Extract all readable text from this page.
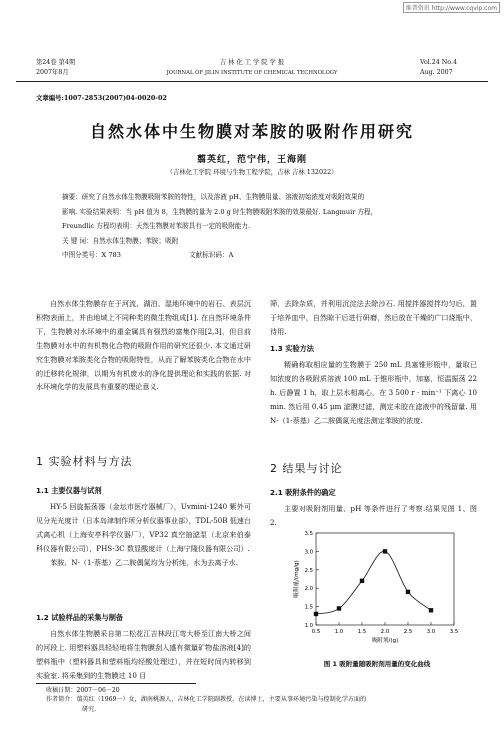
维普资讯 http://www.cqvip.com
第24卷 第4期
2007年8月
吉 林 化 工 学 院 学 报
JOURNAL OF JILIN INSTITUTE OF CHEMICAL TECHNOLOGY
Vol.24 No.4
Aug. 2007
文章编号:1007-2853(2007)04-0020-02
自然水体中生物膜对苯胺的吸附作用研究
翦英红，范宁伟，王海刚
（吉林化工学院 环境与生物工程学院，吉林 吉林 132022）
摘要：研究了自然水体生物膜吸附苯胺的特性，以及溶液 pH、生物膜用量、溶液初始浓度对吸附效果的
影响. 实验结果表明：当 pH 值为 8，生物膜的量为 2.0 g 时生物膜吸附苯胺的效果最好. Langmuir 方程，
Freundlic 方程均表明：天然生物膜对苯胺具有一定的吸附能力.
关 键 词：自然水体生物膜；苯胺；吸附
中图分类号：X 783	文献标识码：A

自然水体生物膜存在于河流、湖泊、湿地环境中的岩石、表层沉积物表面上，并由地域上不同种类的微生物组成[1]. 在自然环境条件下，生物膜对水环境中的重金属具有强烈的富集作用[2,3]，但目前生物膜对水中的有机物化合物的吸附作用的研究还很少. 本文通过研究生物膜对苯胺类化合物的吸附特性，从而了解苯胺类化合物在水中的迁移转化规律，以期为有机废水的净化提供理论和实践的依据. 对水环境化学的发展具有重要的理论意义.

1 实验材料与方法
1.1 主要仪器与试剂

HY-5 回旋振荡器（金坛市医疗器械厂），Uvmini-1240 紫外可见分光光度计（日本岛津制作所分析仪器事业部），TDL-50B 低速台式离心机（上海安亭科学仪器厂），VP32 真空抽滤泵（北京来伯泰科仪器有限公司），PHS-3C 数显酸度计（上海宁隆仪器有限公司）.

苯胺、N-（1-萘基）乙二胺偶氮均为分析纯，水为去离子水.

1.2 试验样品的采集与制备

自然水体生物膜采自第二松花江吉林段江弯大桥至江南大桥之间的河段上. 用塑料器具轻轻地将生物膜刮入盛有微量矿物盐溶液[4]的塑料瓶中（塑料器具和塑料瓶均经酸处理过），并在短时间内转移到实验室. 将采集到的生物膜过 10 目

筛，去除杂质，并利用沉淀法去除沙石. 用搅拌器搅拌均匀后，置于培养皿中，自然晾干后进行研磨，然后放在干燥的广口烧瓶中，待用.

1.3 实验方法

精确称取相应量的生物膜于 250 mL 具塞锥形瓶中，量取已知浓度的各吸附质溶液 100 mL 于锥形瓶中，加塞，恒温振荡 22 h. 后静置 1 h，取上层水相离心，在 3 500 r · min⁻¹ 下离心 10 min. 然后用 0.45 μm 滤膜过滤，测定未胶在滤液中的残留量. 用 N-（1-萘基）乙二胺偶氮光度法测定苯胺的浓度.

2 结果与讨论
2.1 吸附条件的确定

主要对吸附剂用量、pH 等条件进行了考察.结果见图 1、图 2.

0.5	1.0	1.5	2.0	2.5	3.0	3.5
1.0
1.5
2.0
2.5
3.0
3.5
吸附剂/(g)
吸附量/(mg/g)
图 1 吸附量随吸附剂用量的变化曲线
收稿日期：2007－06－20
作者简介：翦英红（1969－）女，湖南桃源人，吉林化工学院副教授，在读博士，主要从事环境污染与控制化学方面的
研究.
